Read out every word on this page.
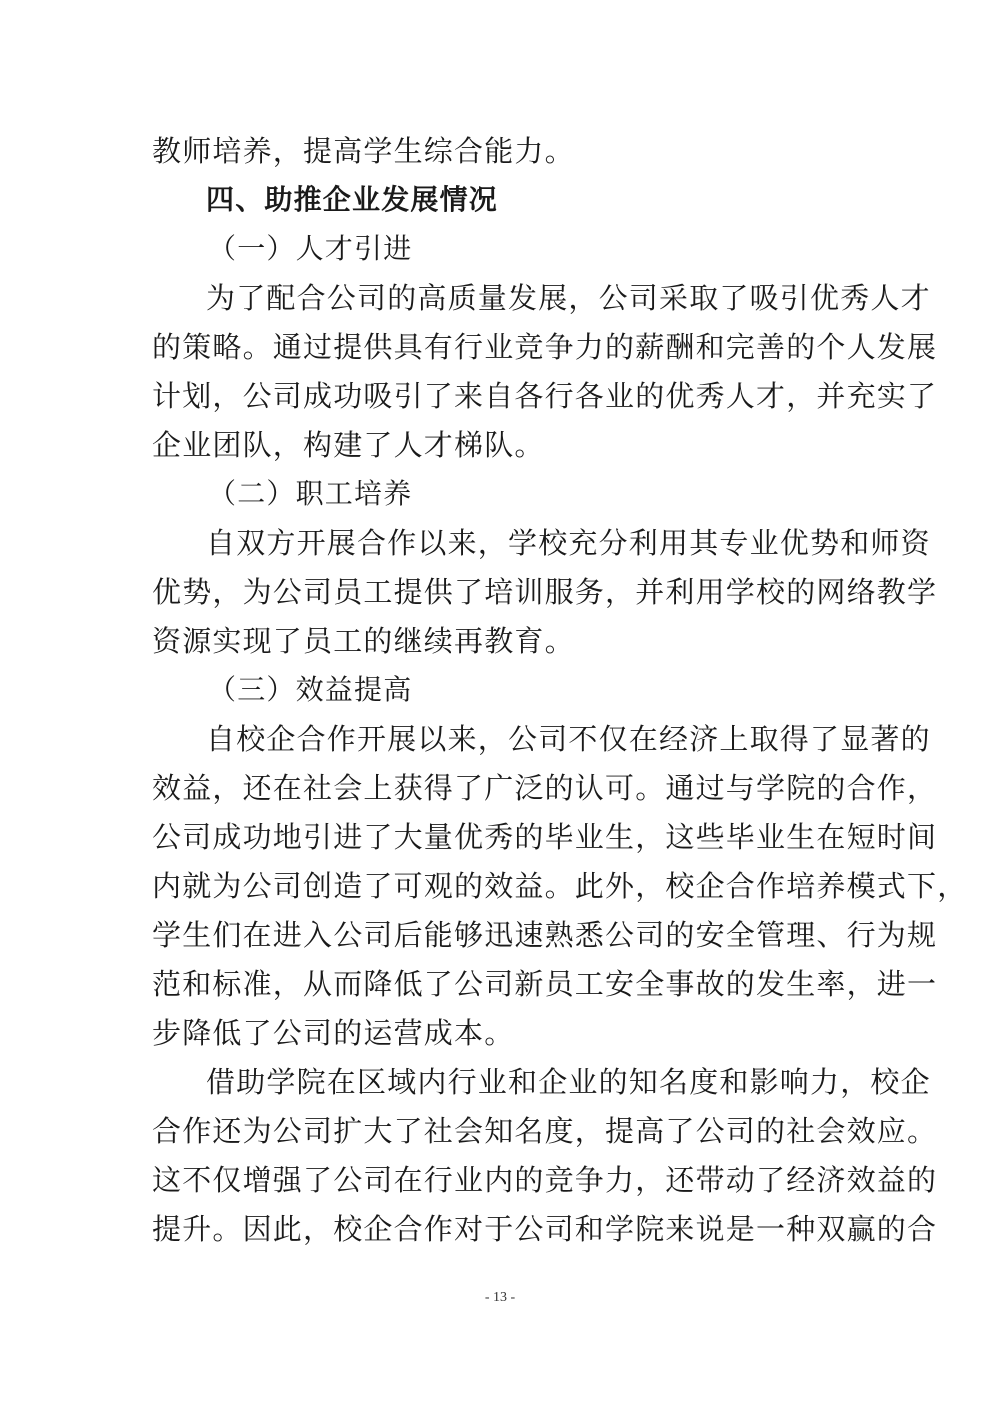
教师培养，提高学生综合能力。
四、助推企业发展情况
（一）人才引进
为了配合公司的高质量发展，公司采取了吸引优秀人才
的策略。通过提供具有行业竞争力的薪酬和完善的个人发展
计划，公司成功吸引了来自各行各业的优秀人才，并充实了
企业团队，构建了人才梯队。
（二）职工培养
自双方开展合作以来，学校充分利用其专业优势和师资
优势，为公司员工提供了培训服务，并利用学校的网络教学
资源实现了员工的继续再教育。
（三）效益提高
自校企合作开展以来，公司不仅在经济上取得了显著的
效益，还在社会上获得了广泛的认可。通过与学院的合作，
公司成功地引进了大量优秀的毕业生，这些毕业生在短时间
内就为公司创造了可观的效益。此外，校企合作培养模式下，
学生们在进入公司后能够迅速熟悉公司的安全管理、行为规
范和标准，从而降低了公司新员工安全事故的发生率，进一
步降低了公司的运营成本。
借助学院在区域内行业和企业的知名度和影响力，校企
合作还为公司扩大了社会知名度，提高了公司的社会效应。
这不仅增强了公司在行业内的竞争力，还带动了经济效益的
提升。因此，校企合作对于公司和学院来说是一种双赢的合
- 13 -
